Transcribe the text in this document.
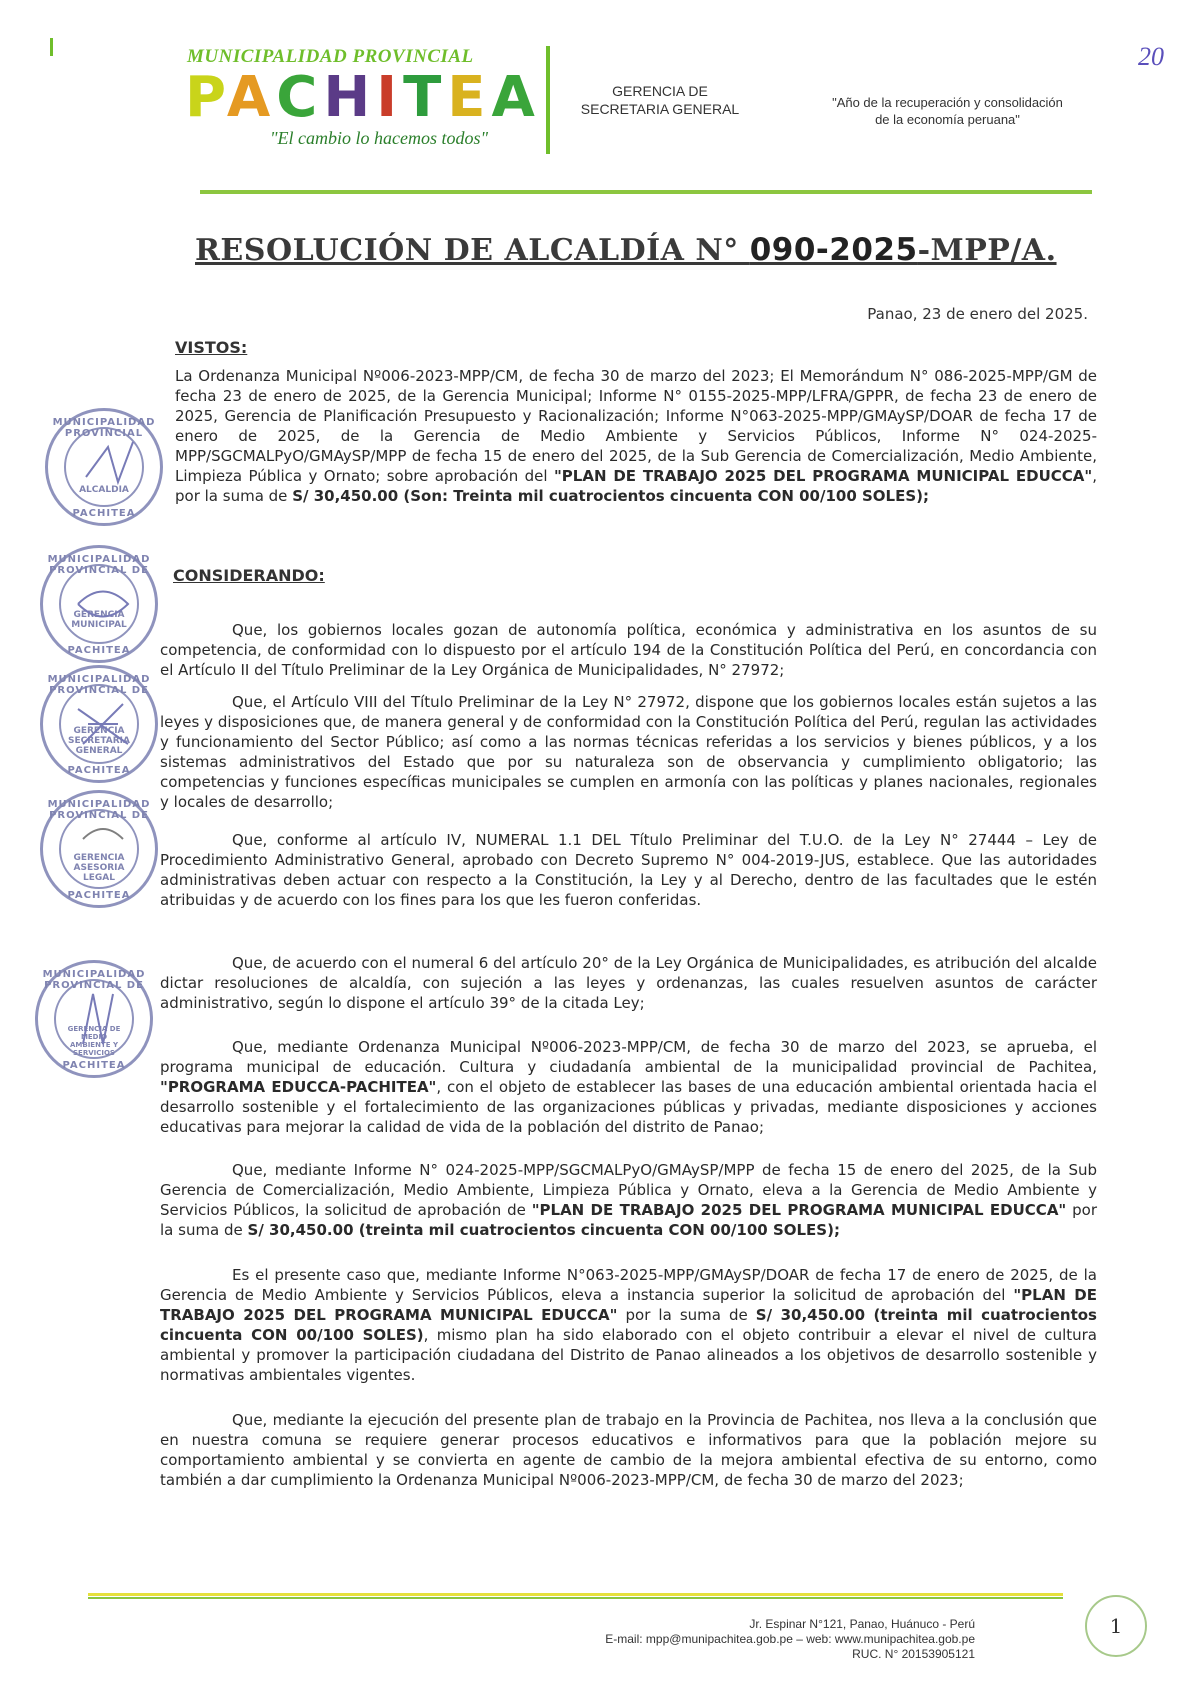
MUNICIPALIDAD PROVINCIAL
PACHITEA
"El cambio lo hacemos todos"
GERENCIA DE
SECRETARIA GENERAL	"Año de la recuperación y consolidación
de la economía peruana"
20
RESOLUCIÓN DE ALCALDÍA N° 090-2025-MPP/A.
Panao, 23 de enero del 2025.
VISTOS:

La Ordenanza Municipal Nº006-2023-MPP/CM, de fecha 30 de marzo del 2023; El Memorándum N° 086-2025-MPP/GM de fecha 23 de enero de 2025, de la Gerencia Municipal; Informe N° 0155-2025-MPP/LFRA/GPPR, de fecha 23 de enero de 2025, Gerencia de Planificación Presupuesto y Racionalización; Informe N°063-2025-MPP/GMAySP/DOAR de fecha 17 de enero de 2025, de la Gerencia de Medio Ambiente y Servicios Públicos, Informe N° 024-2025-MPP/SGCMALPyO/GMAySP/MPP de fecha 15 de enero del 2025, de la Sub Gerencia de Comercialización, Medio Ambiente, Limpieza Pública y Ornato; sobre aprobación del "PLAN DE TRABAJO 2025 DEL PROGRAMA MUNICIPAL EDUCCA", por la suma de S/ 30,450.00 (Son: Treinta mil cuatrocientos cincuenta CON 00/100 SOLES);

CONSIDERANDO:

Que, los gobiernos locales gozan de autonomía política, económica y administrativa en los asuntos de su competencia, de conformidad con lo dispuesto por el artículo 194 de la Constitución Política del Perú, en concordancia con el Artículo II del Título Preliminar de la Ley Orgánica de Municipalidades, N° 27972;

Que, el Artículo VIII del Título Preliminar de la Ley N° 27972, dispone que los gobiernos locales están sujetos a las leyes y disposiciones que, de manera general y de conformidad con la Constitución Política del Perú, regulan las actividades y funcionamiento del Sector Público; así como a las normas técnicas referidas a los servicios y bienes públicos, y a los sistemas administrativos del Estado que por su naturaleza son de observancia y cumplimiento obligatorio; las competencias y funciones específicas municipales se cumplen en armonía con las políticas y planes nacionales, regionales y locales de desarrollo;

Que, conforme al artículo IV, NUMERAL 1.1 DEL Título Preliminar del T.U.O. de la Ley N° 27444 – Ley de Procedimiento Administrativo General, aprobado con Decreto Supremo N° 004-2019-JUS, establece. Que las autoridades administrativas deben actuar con respecto a la Constitución, la Ley y al Derecho, dentro de las facultades que le estén atribuidas y de acuerdo con los fines para los que les fueron conferidas.

Que, de acuerdo con el numeral 6 del artículo 20° de la Ley Orgánica de Municipalidades, es atribución del alcalde dictar resoluciones de alcaldía, con sujeción a las leyes y ordenanzas, las cuales resuelven asuntos de carácter administrativo, según lo dispone el artículo 39° de la citada Ley;

Que, mediante Ordenanza Municipal Nº006-2023-MPP/CM, de fecha 30 de marzo del 2023, se aprueba, el programa municipal de educación. Cultura y ciudadanía ambiental de la municipalidad provincial de Pachitea, "PROGRAMA EDUCCA-PACHITEA", con el objeto de establecer las bases de una educación ambiental orientada hacia el desarrollo sostenible y el fortalecimiento de las organizaciones públicas y privadas, mediante disposiciones y acciones educativas para mejorar la calidad de vida de la población del distrito de Panao;

Que, mediante Informe N° 024-2025-MPP/SGCMALPyO/GMAySP/MPP de fecha 15 de enero del 2025, de la Sub Gerencia de Comercialización, Medio Ambiente, Limpieza Pública y Ornato, eleva a la Gerencia de Medio Ambiente y Servicios Públicos, la solicitud de aprobación de "PLAN DE TRABAJO 2025 DEL PROGRAMA MUNICIPAL EDUCCA" por la suma de S/ 30,450.00 (treinta mil cuatrocientos cincuenta CON 00/100 SOLES);

Es el presente caso que, mediante Informe N°063-2025-MPP/GMAySP/DOAR de fecha 17 de enero de 2025, de la Gerencia de Medio Ambiente y Servicios Públicos, eleva a instancia superior la solicitud de aprobación del "PLAN DE TRABAJO 2025 DEL PROGRAMA MUNICIPAL EDUCCA" por la suma de S/ 30,450.00 (treinta mil cuatrocientos cincuenta CON 00/100 SOLES), mismo plan ha sido elaborado con el objeto contribuir a elevar el nivel de cultura ambiental y promover la participación ciudadana del Distrito de Panao alineados a los objetivos de desarrollo sostenible y normativas ambientales vigentes.

Que, mediante la ejecución del presente plan de trabajo en la Provincia de Pachitea, nos lleva a la conclusión que en nuestra comuna se requiere generar procesos educativos e informativos para que la población mejore su comportamiento ambiental y se convierta en agente de cambio de la mejora ambiental efectiva de su entorno, como también a dar cumplimiento la Ordenanza Municipal Nº006-2023-MPP/CM, de fecha 30 de marzo del 2023;

MUNICIPALIDAD PROVINCIAL
ALCALDIA
PACHITEA
MUNICIPALIDAD PROVINCIAL DE
GERENCIA MUNICIPAL
PACHITEA
MUNICIPALIDAD PROVINCIAL DE
GERENCIA SECRETARIA GENERAL
PACHITEA
MUNICIPALIDAD PROVINCIAL DE
GERENCIA ASESORIA LEGAL
PACHITEA
MUNICIPALIDAD PROVINCIAL DE
GERENCIA DE MEDIO AMBIENTE Y SERVICIOS
PACHITEA
Jr. Espinar N°121, Panao, Huánuco - Perú
E-mail: mpp@munipachitea.gob.pe – web: www.munipachitea.gob.pe
RUC. N° 20153905121
1
